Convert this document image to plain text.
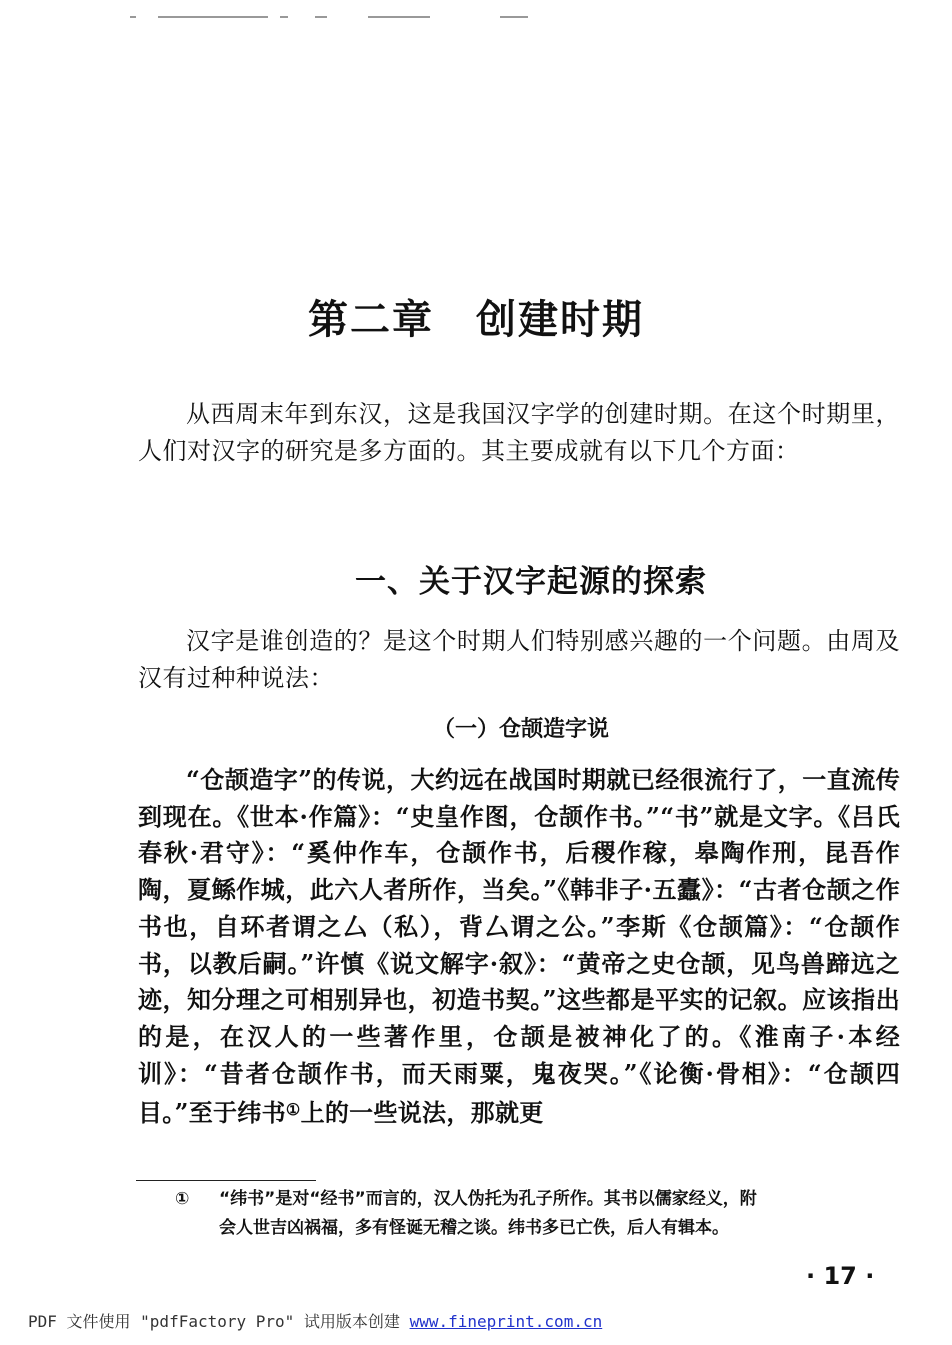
第二章　创建时期

从西周末年到东汉，这是我国汉字学的创建时期。在这个时期里，人们对汉字的研究是多方面的。其主要成就有以下几个方面：

一、关于汉字起源的探索

汉字是谁创造的？是这个时期人们特别感兴趣的一个问题。由周及汉有过种种说法：

（一）仓颉造字说

“仓颉造字”的传说，大约远在战国时期就已经很流行了，一直流传到现在。《世本·作篇》：“史皇作图，仓颉作书。”“书”就是文字。《吕氏春秋·君守》：“奚仲作车，仓颉作书，后稷作稼，皋陶作刑，昆吾作陶，夏鲧作城，此六人者所作，当矣。”《韩非子·五蠹》：“古者仓颉之作书也，自环者谓之厶（私），背厶谓之公。”李斯《仓颉篇》：“仓颉作书，以教后嗣。”许慎《说文解字·叙》：“黄帝之史仓颉，见鸟兽蹄迒之迹，知分理之可相别异也，初造书契。”这些都是平实的记叙。应该指出的是，在汉人的一些著作里，仓颉是被神化了的。《淮南子·本经训》：“昔者仓颉作书，而天雨粟，鬼夜哭。”《论衡·骨相》：“仓颉四目。”至于纬书①上的一些说法，那就更

① “纬书”是对“经书”而言的，汉人伪托为孔子所作。其书以儒家经义，附
会人世吉凶祸福，多有怪诞无稽之谈。纬书多已亡佚，后人有辑本。

· 17 ·
PDF 文件使用 "pdfFactory Pro" 试用版本创建 www.fineprint.com.cn
